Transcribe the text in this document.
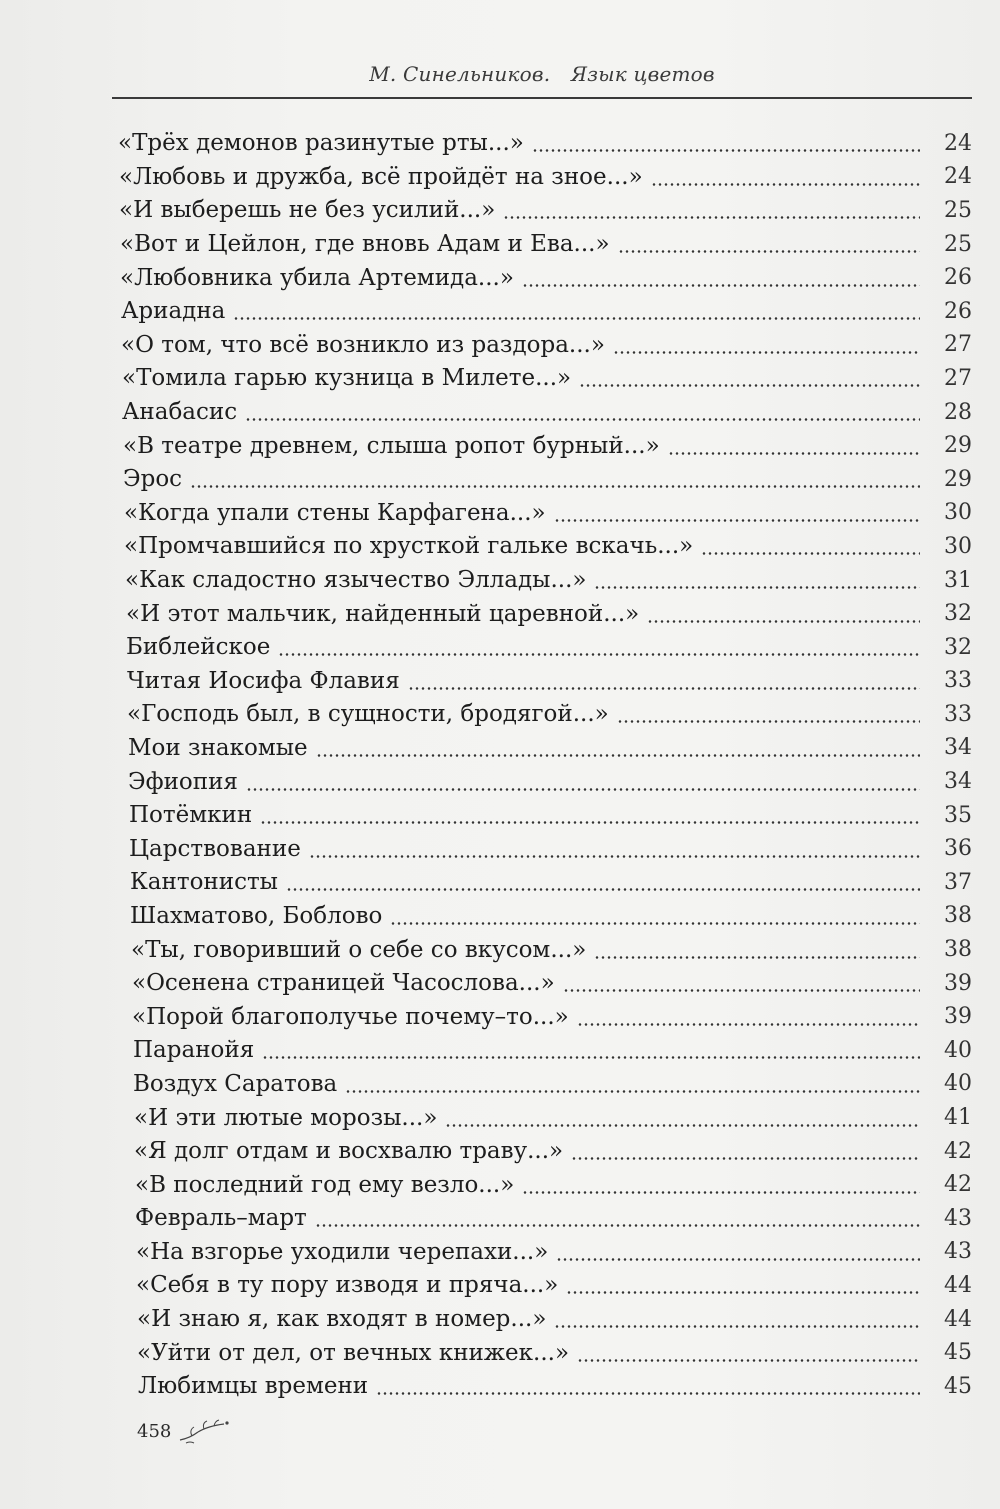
М. Синельников. Язык цветов
«Трёх демонов разинутые рты...»	24
«Любовь и дружба, всё пройдёт на зное...»	24
«И выберешь не без усилий...»	25
«Вот и Цейлон, где вновь Адам и Ева...»	25
«Любовника убила Артемида...»	26
Ариадна	26
«О том, что всё возникло из раздора...»	27
«Томила гарью кузница в Милете...»	27
Анабасис	28
«В театре древнем, слыша ропот бурный...»	29
Эрос	29
«Когда упали стены Карфагена...»	30
«Промчавшийся по хрусткой гальке вскачь...»	30
«Как сладостно язычество Эллады...»	31
«И этот мальчик, найденный царевной...»	32
Библейское	32
Читая Иосифа Флавия	33
«Господь был, в сущности, бродягой...»	33
Мои знакомые	34
Эфиопия	34
Потёмкин	35
Царствование	36
Кантонисты	37
Шахматово, Боблово	38
«Ты, говоривший о себе со вкусом...»	38
«Осенена страницей Часослова...»	39
«Порой благополучье почему–то...»	39
Паранойя	40
Воздух Саратова	40
«И эти лютые морозы...»	41
«Я долг отдам и восхвалю траву...»	42
«В последний год ему везло...»	42
Февраль–март	43
«На взгорье уходили черепахи...»	43
«Себя в ту пору изводя и пряча...»	44
«И знаю я, как входят в номер...»	44
«Уйти от дел, от вечных книжек...»	45
Любимцы времени	45
458
